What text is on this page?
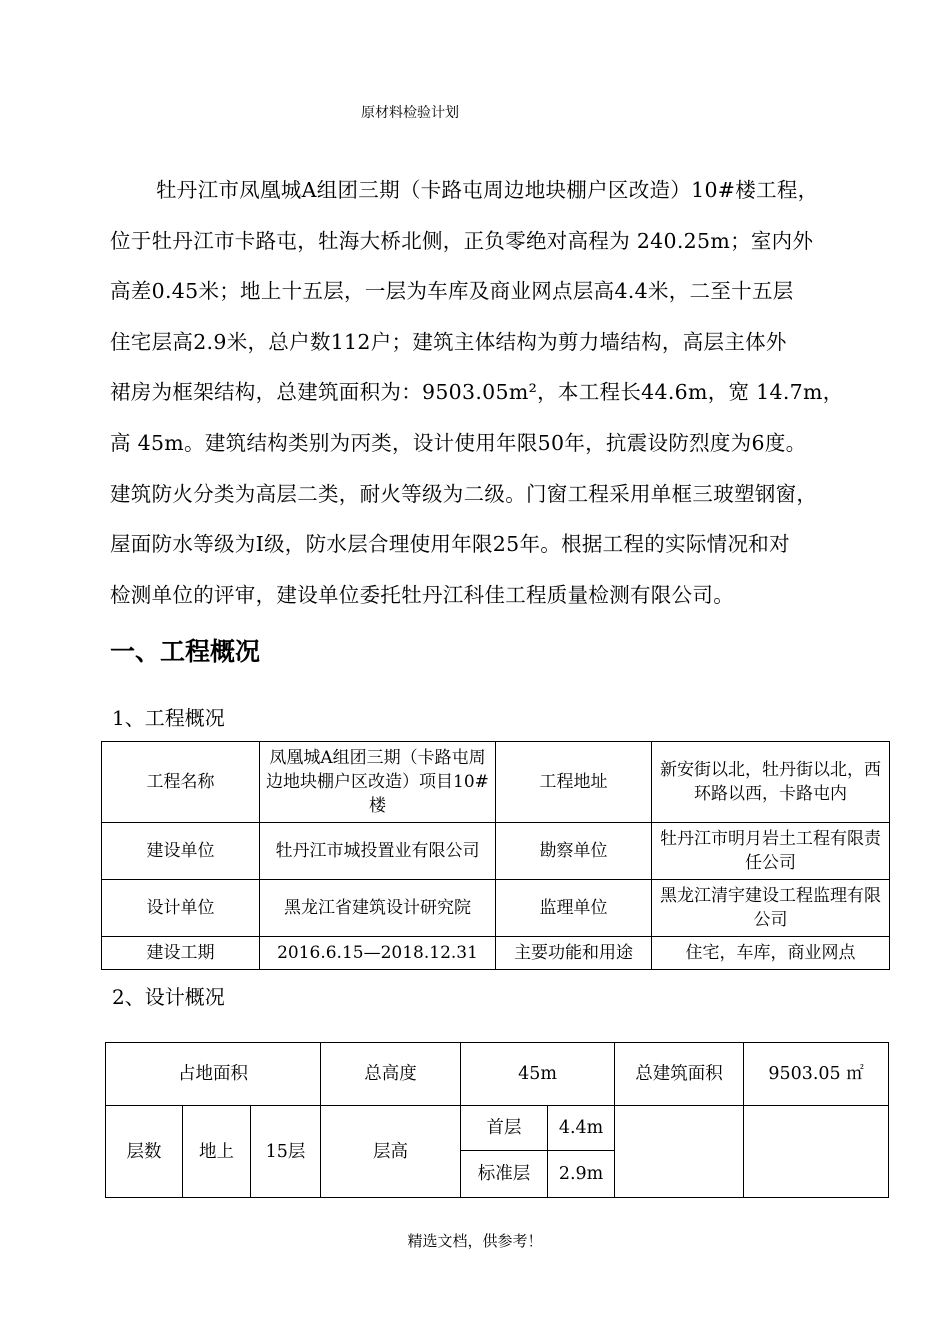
原材料检验计划

牡丹江市凤凰城A组团三期（卡路屯周边地块棚户区改造）10#楼工程，

位于牡丹江市卡路屯，牡海大桥北侧，正负零绝对高程为 240.25m；室内外

高差0.45米；地上十五层，一层为车库及商业网点层高4.4米，二至十五层

住宅层高2.9米，总户数112户；建筑主体结构为剪力墙结构，高层主体外

裙房为框架结构，总建筑面积为：9503.05m²，本工程长44.6m，宽 14.7m，

高 45m。建筑结构类别为丙类，设计使用年限50年，抗震设防烈度为6度。

建筑防火分类为高层二类，耐火等级为二级。门窗工程采用单框三玻塑钢窗，

屋面防水等级为Ⅰ级，防水层合理使用年限25年。根据工程的实际情况和对

检测单位的评审，建设单位委托牡丹江科佳工程质量检测有限公司。

一、工程概况
1、工程概况
工程名称	凤凰城A组团三期（卡路屯周边地块棚户区改造）项目10#楼	工程地址	新安街以北，牡丹街以北，西环路以西，卡路屯内
建设单位	牡丹江市城投置业有限公司	勘察单位	牡丹江市明月岩土工程有限责任公司
设计单位	黑龙江省建筑设计研究院	监理单位	黑龙江清宇建设工程监理有限公司
建设工期	2016.6.15—2018.12.31	主要功能和用途	住宅，车库，商业网点
2、设计概况
占地面积			总高度	45m		总建筑面积	9503.05 ㎡
层数	地上	15层	层高	首层	4.4m		
				标准层	2.9m		
精选文档，供参考！
